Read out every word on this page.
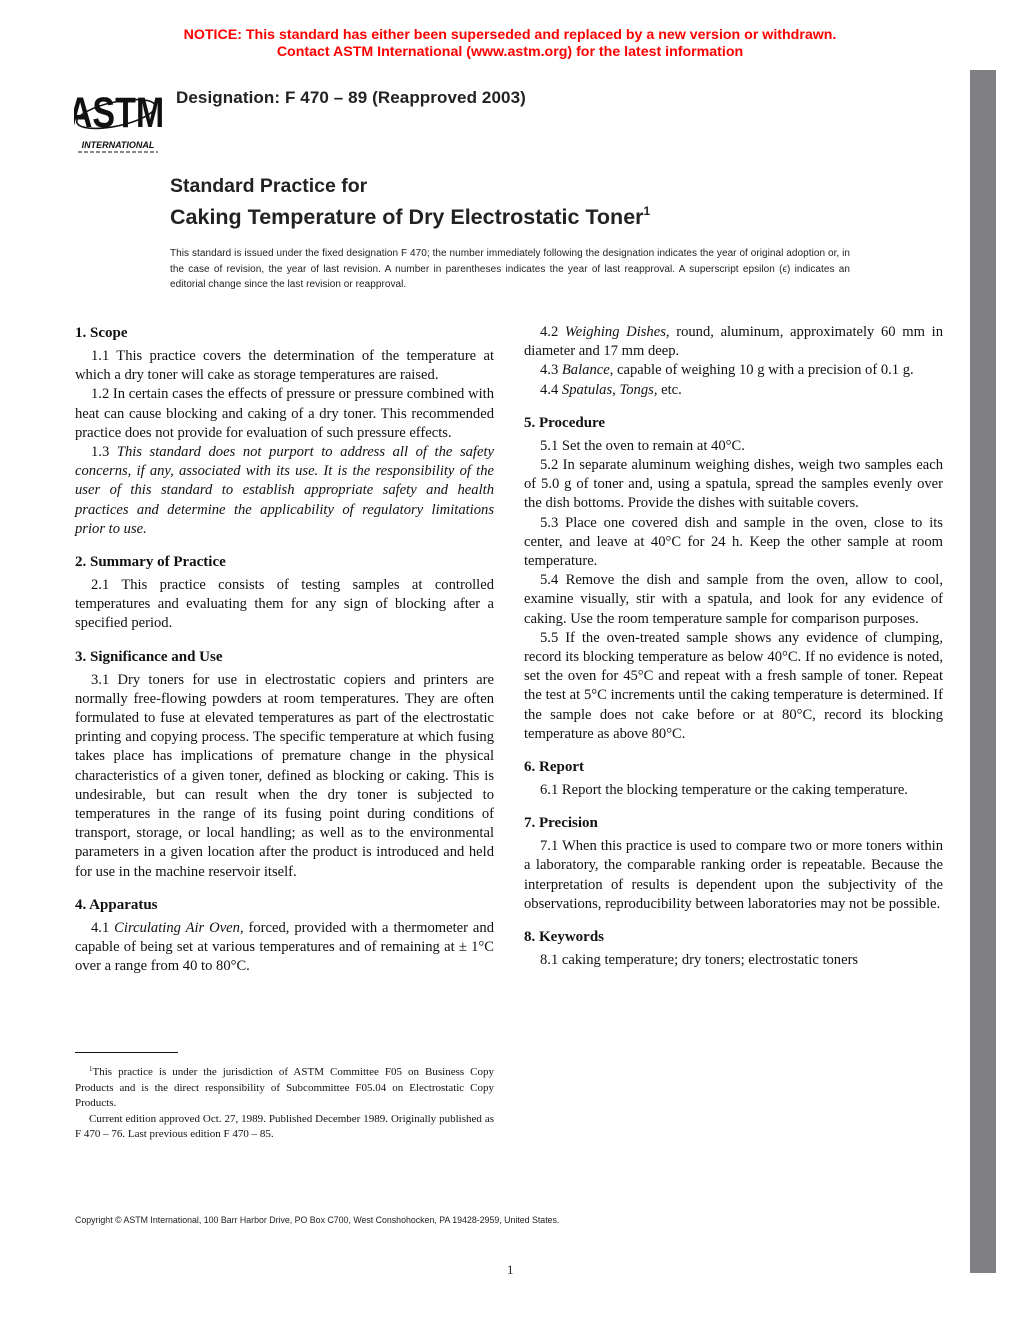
NOTICE: This standard has either been superseded and replaced by a new version or withdrawn.
Contact ASTM International (www.astm.org) for the latest information
ASTM
INTERNATIONAL
Designation: F 470 – 89 (Reapproved 2003)
Standard Practice for
Caking Temperature of Dry Electrostatic Toner$^1$
This standard is issued under the fixed designation F 470; the number immediately following the designation indicates the year of original adoption or, in the case of revision, the year of last revision. A number in parentheses indicates the year of last reapproval. A superscript epsilon (ϵ) indicates an editorial change since the last revision or reapproval.
1. Scope

1.1 This practice covers the determination of the temperature at which a dry toner will cake as storage temperatures are raised.

1.2 In certain cases the effects of pressure or pressure combined with heat can cause blocking and caking of a dry toner. This recommended practice does not provide for evaluation of such pressure effects.

1.3 This standard does not purport to address all of the safety concerns, if any, associated with its use. It is the responsibility of the user of this standard to establish appropriate safety and health practices and determine the applicability of regulatory limitations prior to use.

2. Summary of Practice

2.1 This practice consists of testing samples at controlled temperatures and evaluating them for any sign of blocking after a specified period.

3. Significance and Use

3.1 Dry toners for use in electrostatic copiers and printers are normally free-flowing powders at room temperatures. They are often formulated to fuse at elevated temperatures as part of the electrostatic printing and copying process. The specific temperature at which fusing takes place has implications of premature change in the physical characteristics of a given toner, defined as blocking or caking. This is undesirable, but can result when the dry toner is subjected to temperatures in the range of its fusing point during conditions of transport, storage, or local handling; as well as to the environmental parameters in a given location after the product is introduced and held for use in the machine reservoir itself.

4. Apparatus

4.1 Circulating Air Oven, forced, provided with a thermometer and capable of being set at various temperatures and of remaining at ± 1°C over a range from 40 to 80°C.

4.2 Weighing Dishes, round, aluminum, approximately 60 mm in diameter and 17 mm deep.

4.3 Balance, capable of weighing 10 g with a precision of 0.1 g.

4.4 Spatulas, Tongs, etc.

5. Procedure

5.1 Set the oven to remain at 40°C.

5.2 In separate aluminum weighing dishes, weigh two samples each of 5.0 g of toner and, using a spatula, spread the samples evenly over the dish bottoms. Provide the dishes with suitable covers.

5.3 Place one covered dish and sample in the oven, close to its center, and leave at 40°C for 24 h. Keep the other sample at room temperature.

5.4 Remove the dish and sample from the oven, allow to cool, examine visually, stir with a spatula, and look for any evidence of caking. Use the room temperature sample for comparison purposes.

5.5 If the oven-treated sample shows any evidence of clumping, record its blocking temperature as below 40°C. If no evidence is noted, set the oven for 45°C and repeat with a fresh sample of toner. Repeat the test at 5°C increments until the caking temperature is determined. If the sample does not cake before or at 80°C, record its blocking temperature as above 80°C.

6. Report

6.1 Report the blocking temperature or the caking temperature.

7. Precision

7.1 When this practice is used to compare two or more toners within a laboratory, the comparable ranking order is repeatable. Because the interpretation of results is dependent upon the subjectivity of the observations, reproducibility between laboratories may not be possible.

8. Keywords

8.1 caking temperature; dry toners; electrostatic toners

$^1$This practice is under the jurisdiction of ASTM Committee F05 on Business Copy Products and is the direct responsibility of Subcommittee F05.04 on Electrostatic Copy Products.

Current edition approved Oct. 27, 1989. Published December 1989. Originally published as F 470 – 76. Last previous edition F 470 – 85.

Copyright © ASTM International, 100 Barr Harbor Drive, PO Box C700, West Conshohocken, PA 19428-2959, United States.
1
